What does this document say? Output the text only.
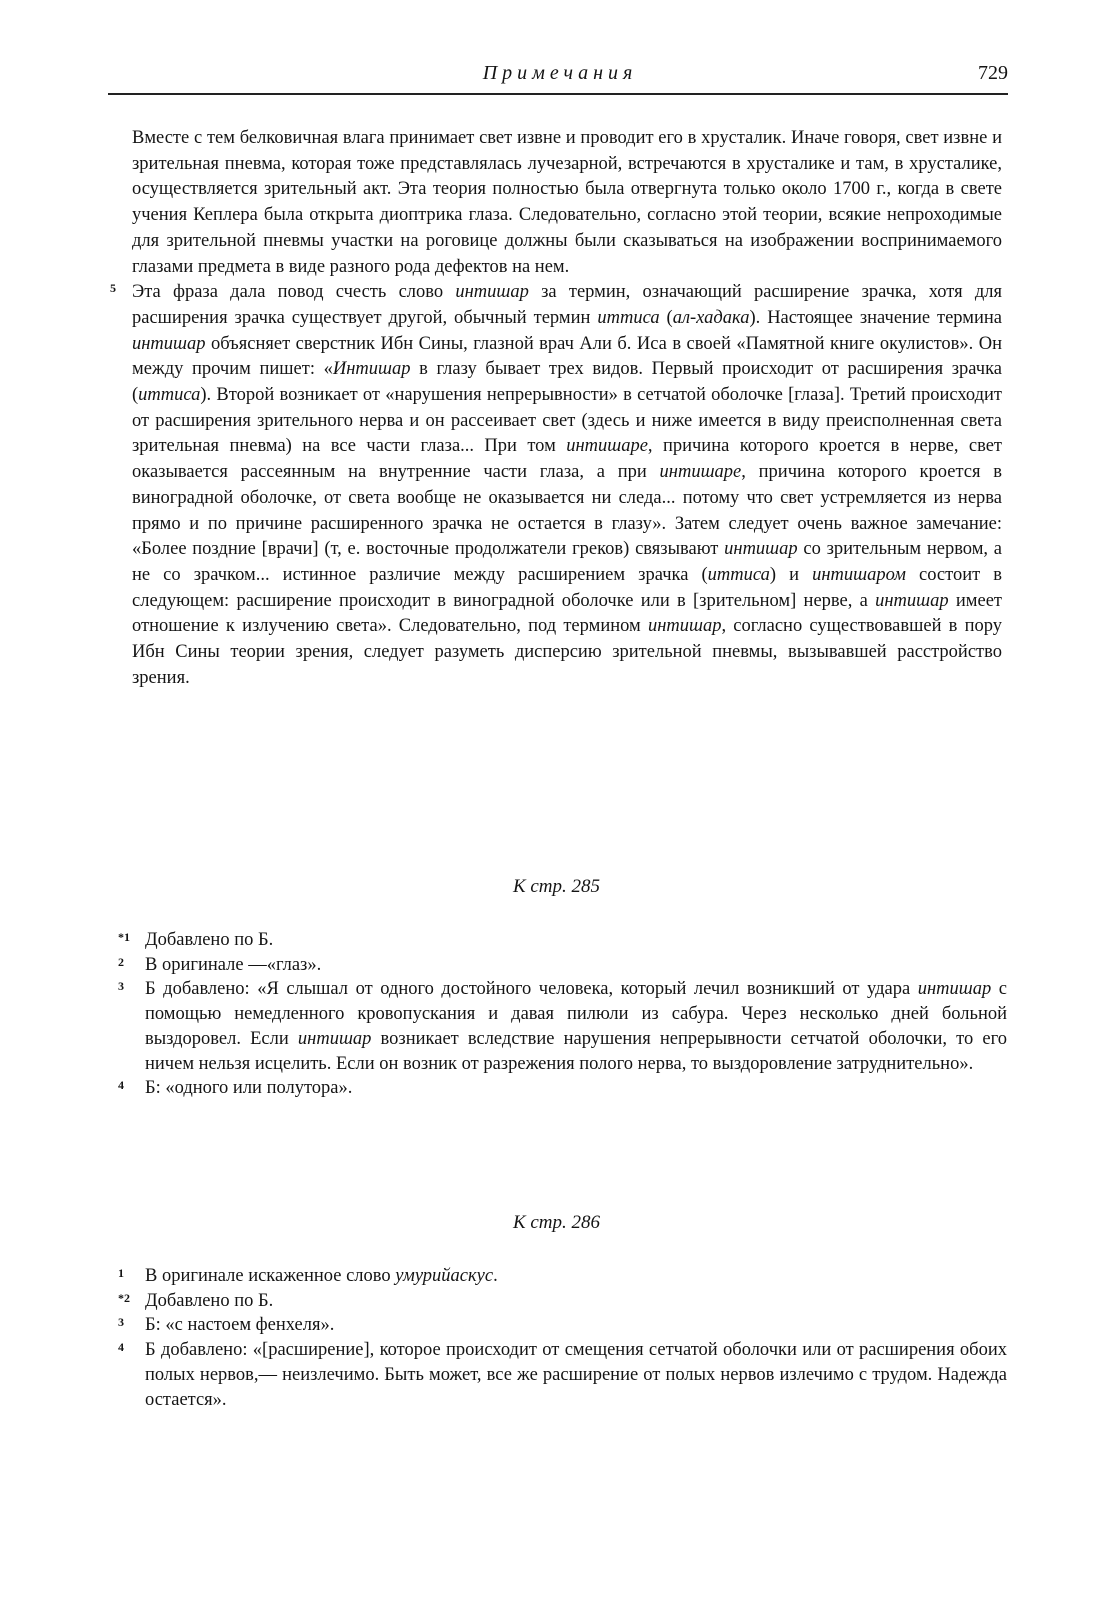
Примечания	729

Вместе с тем белковичная влага принимает свет извне и проводит его в хрусталик. Иначе говоря, свет извне и зрительная пневма, которая тоже представлялась лучезарной, встречаются в хрусталике и там, в хрусталике, осуществляется зрительный акт. Эта теория полностью была отвергнута только около 1700 г., когда в свете учения Кеплера была открыта диоптрика глаза. Следовательно, согласно этой теории, всякие непроходимые для зрительной пневмы участки на роговице должны были сказываться на изображении воспринимаемого глазами предмета в виде разного рода дефектов на нем.

5 Эта фраза дала повод счесть слово интишар за термин, означающий расширение зрачка, хотя для расширения зрачка существует другой, обычный термин иттиса (ал-хадака). Настоящее значение термина интишар объясняет сверстник Ибн Сины, глазной врач Али б. Иса в своей «Памятной книге окулистов». Он между прочим пишет: «Интишар в глазу бывает трех видов. Первый происходит от расширения зрачка (иттиса). Второй возникает от «нарушения непрерывности» в сетчатой оболочке [глаза]. Третий происходит от расширения зрительного нерва и он рассеивает свет (здесь и ниже имеется в виду преисполненная света зрительная пневма) на все части глаза... При том интишаре, причина которого кроется в нерве, свет оказывается рассеянным на внутренние части глаза, а при интишаре, причина которого кроется в виноградной оболочке, от света вообще не оказывается ни следа... потому что свет устремляется из нерва прямо и по причине расширенного зрачка не остается в глазу». Затем следует очень важное замечание: «Более поздние [врачи] (т, е. восточные продолжатели греков) связывают интишар со зрительным нервом, а не со зрачком... истинное различие между расширением зрачка (иттиса) и интишаром состоит в следующем: расширение происходит в виноградной оболочке или в [зрительном] нерве, а интишар имеет отношение к излучению света». Следовательно, под термином интишар, согласно существовавшей в пору Ибн Сины теории зрения, следует разуметь дисперсию зрительной пневмы, вызывавшей расстройство зрения.

К стр. 285

*1 Добавлено по Б.

2 В оригинале —«глаз».

3 Б добавлено: «Я слышал от одного достойного человека, который лечил возникший от удара интишар с помощью немедленного кровопускания и давая пилюли из сабура. Через несколько дней больной выздоровел. Если интишар возникает вследствие нарушения непрерывности сетчатой оболочки, то его ничем нельзя исцелить. Если он возник от разрежения полого нерва, то выздоровление затруднительно».

4 Б: «одного или полутора».

К стр. 286

1 В оригинале искаженное слово умурийаскус.

*2 Добавлено по Б.

3 Б: «с настоем фенхеля».

4 Б добавлено: «[расширение], которое происходит от смещения сетчатой оболочки или от расширения обоих полых нервов,— неизлечимо. Быть может, все же расширение от полых нервов излечимо с трудом. Надежда остается».
